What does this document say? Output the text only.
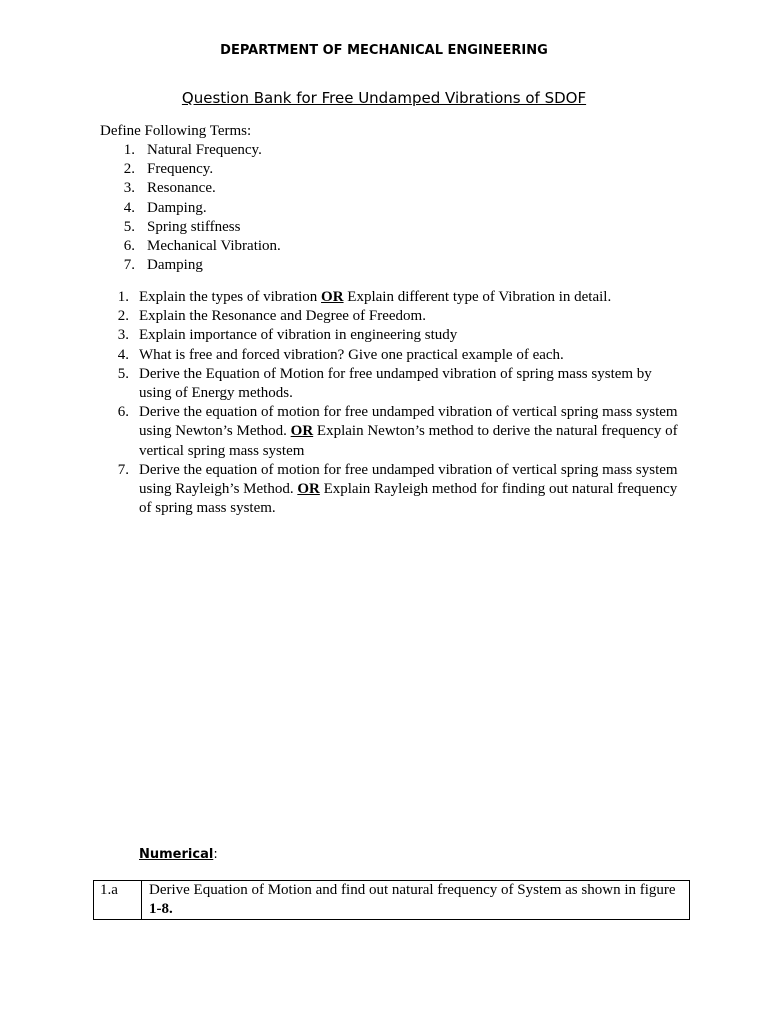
DEPARTMENT OF MECHANICAL ENGINEERING
Question Bank for Free Undamped Vibrations of SDOF
Define Following Terms:
1. Natural Frequency.
2. Frequency.
3. Resonance.
4. Damping.
5. Spring stiffness
6. Mechanical Vibration.
7. Damping
1. Explain the types of vibration OR Explain different type of Vibration in detail.
2. Explain the Resonance and Degree of Freedom.
3. Explain importance of vibration in engineering study
4. What is free and forced vibration? Give one practical example of each.
5. Derive the Equation of Motion for free undamped vibration of spring mass system by using of Energy methods.
6. Derive the equation of motion for free undamped vibration of vertical spring mass system using Newton’s Method. OR Explain Newton’s method to derive the natural frequency of vertical spring mass system
7. Derive the equation of motion for free undamped vibration of vertical spring mass system using Rayleigh’s Method. OR Explain Rayleigh method for finding out natural frequency of spring mass system.
Numerical:
1.a	Derive Equation of Motion and find out natural frequency of System as shown in figure 1-8.
